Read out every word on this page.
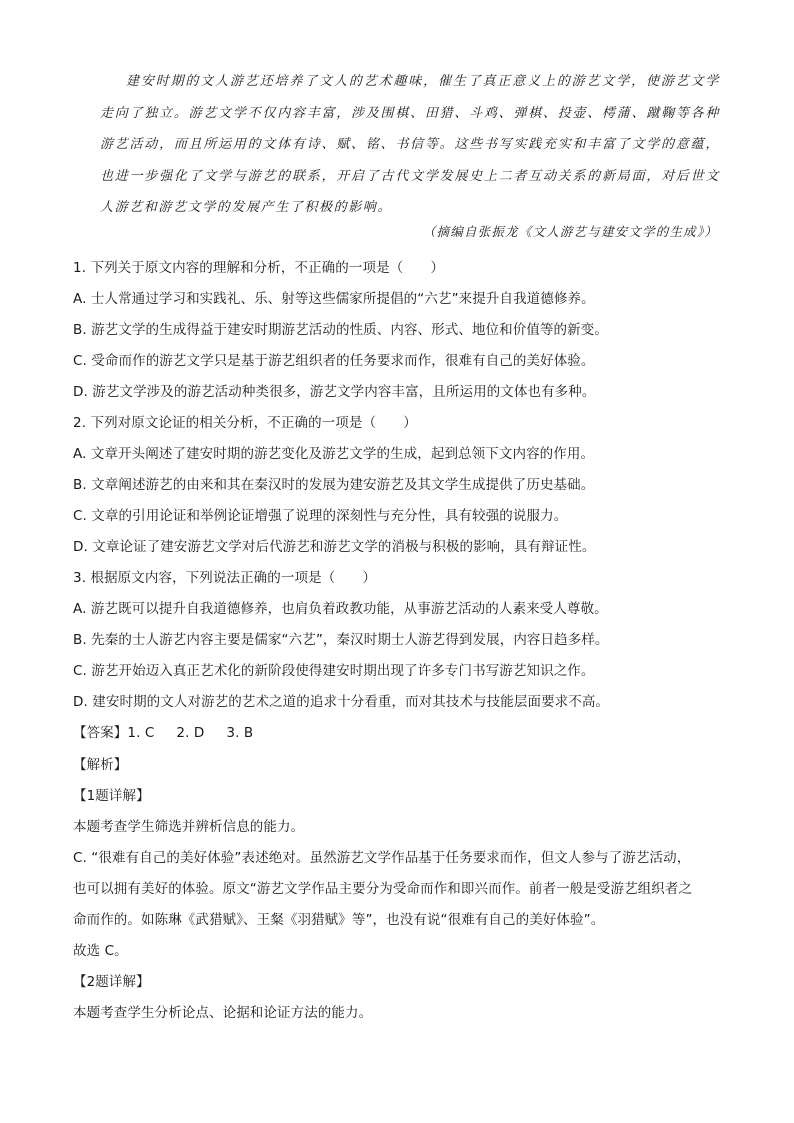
建安时期的文人游艺还培养了文人的艺术趣味，催生了真正意义上的游艺文学，使游艺文学走向了独立。游艺文学不仅内容丰富，涉及围棋、田猎、斗鸡、弹棋、投壶、樗蒲、蹴鞠等各种游艺活动，而且所运用的文体有诗、赋、铭、书信等。这些书写实践充实和丰富了文学的意蕴，也进一步强化了文学与游艺的联系，开启了古代文学发展史上二者互动关系的新局面，对后世文人游艺和游艺文学的发展产生了积极的影响。

（摘编自张振龙《文人游艺与建安文学的生成》）
1. 下列关于原文内容的理解和分析，不正确的一项是（　　）
A. 士人常通过学习和实践礼、乐、射等这些儒家所提倡的“六艺”来提升自我道德修养。
B. 游艺文学的生成得益于建安时期游艺活动的性质、内容、形式、地位和价值等的新变。
C. 受命而作的游艺文学只是基于游艺组织者的任务要求而作，很难有自己的美好体验。
D. 游艺文学涉及的游艺活动种类很多，游艺文学内容丰富，且所运用的文体也有多种。
2. 下列对原文论证的相关分析，不正确的一项是（　　）
A. 文章开头阐述了建安时期的游艺变化及游艺文学的生成，起到总领下文内容的作用。
B. 文章阐述游艺的由来和其在秦汉时的发展为建安游艺及其文学生成提供了历史基础。
C. 文章的引用论证和举例论证增强了说理的深刻性与充分性，具有较强的说服力。
D. 文章论证了建安游艺文学对后代游艺和游艺文学的消极与积极的影响，具有辩证性。
3. 根据原文内容，下列说法正确的一项是（　　）
A. 游艺既可以提升自我道德修养，也肩负着政教功能，从事游艺活动的人素来受人尊敬。
B. 先秦的士人游艺内容主要是儒家“六艺”，秦汉时期士人游艺得到发展，内容日趋多样。
C. 游艺开始迈入真正艺术化的新阶段使得建安时期出现了许多专门书写游艺知识之作。
D. 建安时期的文人对游艺的艺术之道的追求十分看重，而对其技术与技能层面要求不高。
【答案】1. C 2. D 3. B
【解析】
【1题详解】
本题考查学生筛选并辨析信息的能力。
C. “很难有自己的美好体验”表述绝对。虽然游艺文学作品基于任务要求而作，但文人参与了游艺活动，
也可以拥有美好的体验。原文“游艺文学作品主要分为受命而作和即兴而作。前者一般是受游艺组织者之
命而作的。如陈琳《武猎赋》、王粲《羽猎赋》等”，也没有说“很难有自己的美好体验”。
故选 C。
【2题详解】
本题考查学生分析论点、论据和论证方法的能力。
